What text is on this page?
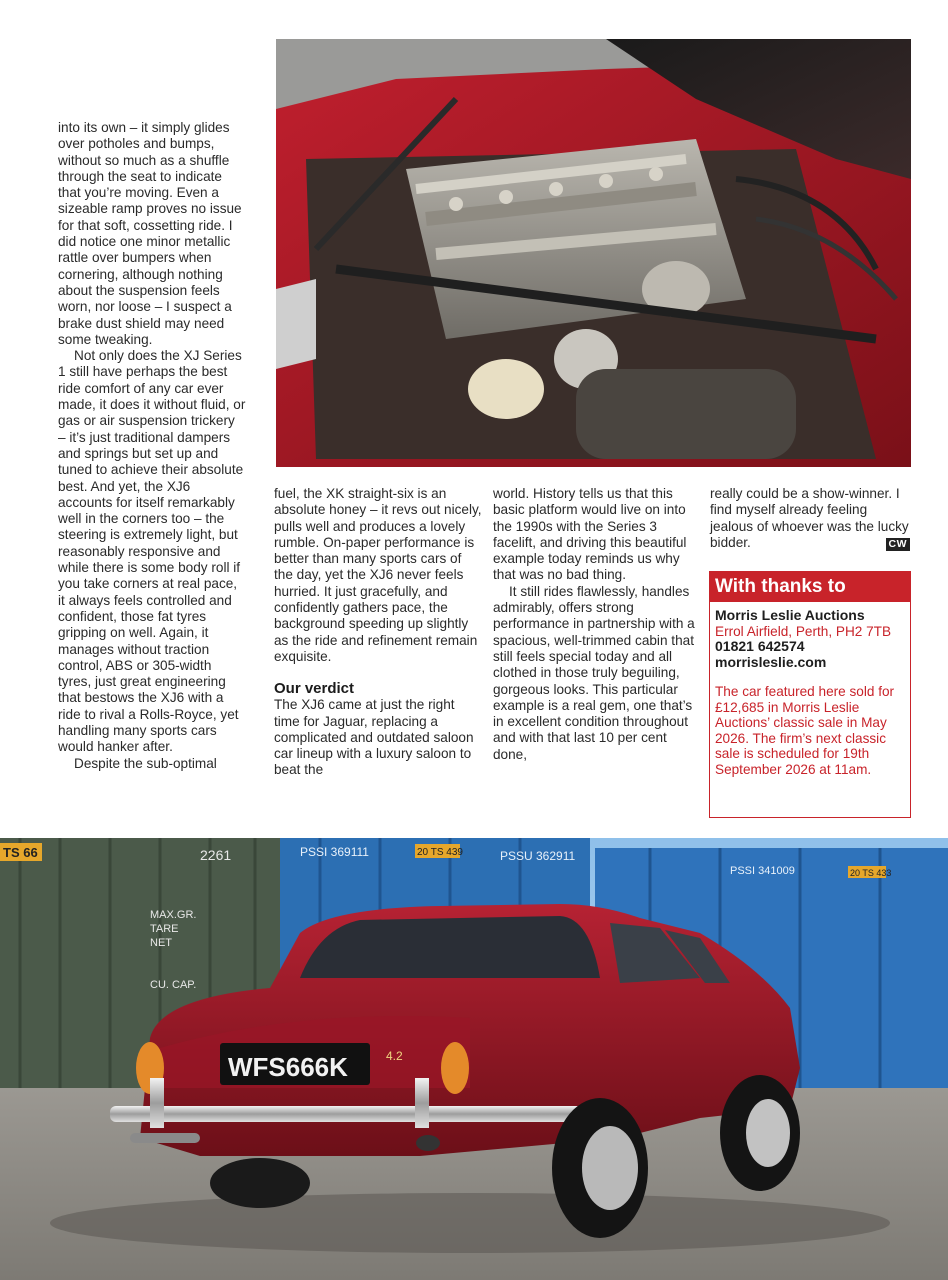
into its own – it simply glides over potholes and bumps, without so much as a shuffle through the seat to indicate that you’re moving. Even a sizeable ramp proves no issue for that soft, cossetting ride. I did notice one minor metallic rattle over bumpers when cornering, although nothing about the suspension feels worn, nor loose – I suspect a brake dust shield may need some tweaking.

Not only does the XJ Series 1 still have perhaps the best ride comfort of any car ever made, it does it without fluid, or gas or air suspension trickery – it’s just traditional dampers and springs but set up and tuned to achieve their absolute best. And yet, the XJ6 accounts for itself remarkably well in the corners too – the steering is extremely light, but reasonably responsive and while there is some body roll if you take corners at real pace, it always feels controlled and confident, those fat tyres gripping on well. Again, it manages without traction control, ABS or 305-width tyres, just great engineering that bestows the XJ6 with a ride to rival a Rolls-Royce, yet handling many sports cars would hanker after.

Despite the sub-optimal

fuel, the XK straight-six is an absolute honey – it revs out nicely, pulls well and produces a lovely rumble. On-paper performance is better than many sports cars of the day, yet the XJ6 never feels hurried. It just gracefully, and confidently gathers pace, the background speeding up slightly as the ride and refinement remain exquisite.

Our verdict

The XJ6 came at just the right time for Jaguar, replacing a complicated and outdated saloon car lineup with a luxury saloon to beat the

world. History tells us that this basic platform would live on into the 1990s with the Series 3 facelift, and driving this beautiful example today reminds us why that was no bad thing.

It still rides flawlessly, handles admirably, offers strong performance in partnership with a spacious, well-trimmed cabin that still feels special today and all clothed in those truly beguiling, gorgeous looks. This particular example is a real gem, one that’s in excellent condition throughout and with that last 10 per cent done,

really could be a show-winner. I find myself already feeling jealous of whoever was the lucky bidder.	CW

With thanks to
Morris Leslie Auctions
Errol Airfield, Perth, PH2 7TB
01821 642574
morrisleslie.com
The car featured here sold for £12,685 in Morris Leslie Auctions’ classic sale in May 2026. The firm’s next classic sale is scheduled for 19th September 2026 at 11am.
TS 66	2261
MAX.GR.
TARE
NET
CU. CAP.
PSSI 369111	20 TS 439	PSSU 362911
PSSI 341009	20 TS 433
WFS666K	4.2
